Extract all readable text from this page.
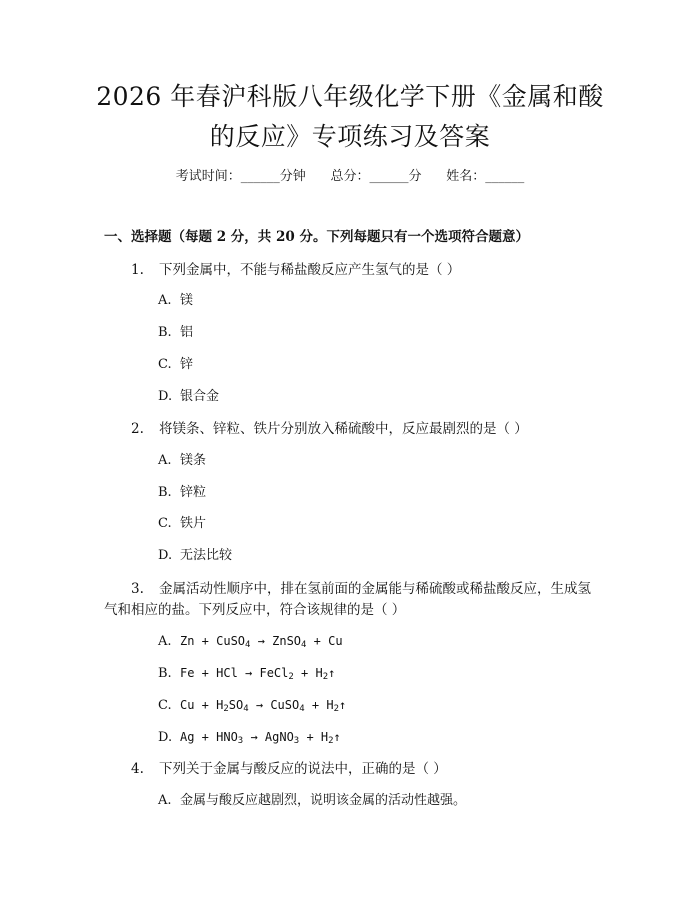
2026 年春沪科版八年级化学下册《金属和酸
的反应》专项练习及答案
考试时间：______分钟      总分：______分      姓名：______
一、选择题（每题 2 分，共 20 分。下列每题只有一个选项符合题意）
1. 下列金属中，不能与稀盐酸反应产生氢气的是（ ）
A. 镁
B. 铝
C. 锌
D. 银合金
2. 将镁条、锌粒、铁片分别放入稀硫酸中，反应最剧烈的是（ ）
A. 镁条
B. 锌粒
C. 铁片
D. 无法比较
3. 金属活动性顺序中，排在氢前面的金属能与稀硫酸或稀盐酸反应，生成氢
气和相应的盐。下列反应中，符合该规律的是（ ）
A. Zn + CuSO$_4$ → ZnSO$_4$ + Cu
B. Fe + HCl → FeCl$_2$ + $H_2↑$
C. $Cu + H_2SO_4$ → CuSO$_4$ + $H_2↑$
D. $Ag + HNO_3$ → AgNO$_3$ + $H_2↑$
4. 下列关于金属与酸反应的说法中，正确的是（ ）
A. 金属与酸反应越剧烈，说明该金属的活动性越强。
